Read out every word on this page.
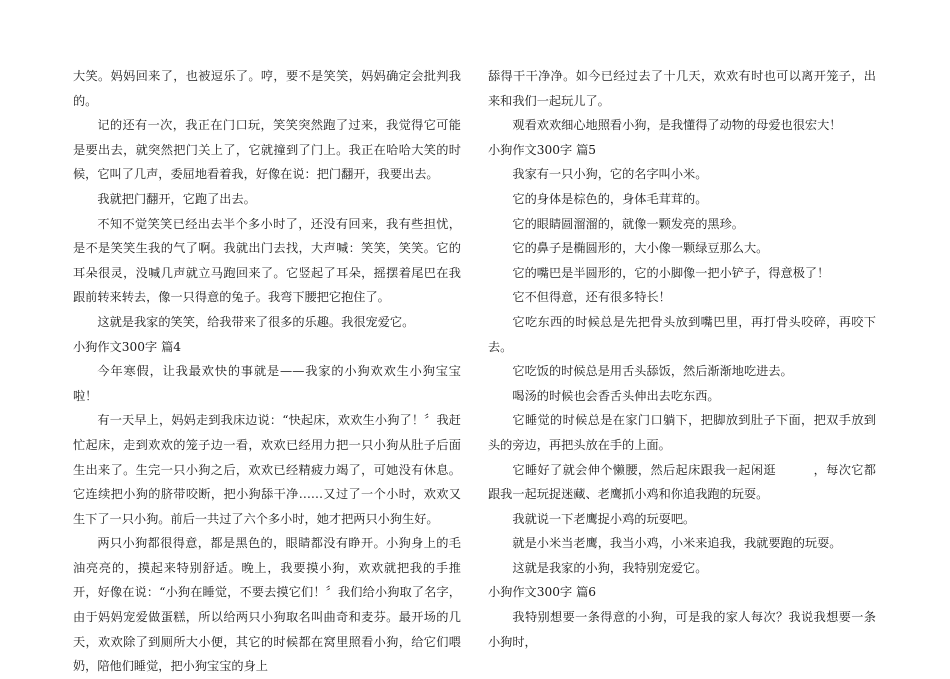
大笑。妈妈回来了，也被逗乐了。哼，要不是笑笑，妈妈确定会批判我的。
记的还有一次，我正在门口玩，笑笑突然跑了过来，我觉得它可能是要出去，就突然把门关上了，它就撞到了门上。我正在哈哈大笑的时候，它叫了几声，委屈地看着我，好像在说：把门翻开，我要出去。
我就把门翻开，它跑了出去。
不知不觉笑笑已经出去半个多小时了，还没有回来，我有些担忧，是不是笑笑生我的气了啊。我就出门去找，大声喊：笑笑，笑笑。它的耳朵很灵，没喊几声就立马跑回来了。它竖起了耳朵，摇摆着尾巴在我跟前转来转去，像一只得意的兔子。我弯下腰把它抱住了。
这就是我家的笑笑，给我带来了很多的乐趣。我很宠爱它。
小狗作文300字 篇4
今年寒假，让我最欢快的事就是——我家的小狗欢欢生小狗宝宝啦！
有一天早上，妈妈走到我床边说：“快起床，欢欢生小狗了！〞我赶忙起床，走到欢欢的笼子边一看，欢欢已经用力把一只小狗从肚子后面生出来了。生完一只小狗之后，欢欢已经精疲力竭了，可她没有休息。它连续把小狗的脐带咬断，把小狗舔干净……又过了一个小时，欢欢又生下了一只小狗。前后一共过了六个多小时，她才把两只小狗生好。
两只小狗都很得意，都是黑色的，眼睛都没有睁开。小狗身上的毛油亮亮的，摸起来特别舒适。晚上，我要摸小狗，欢欢就把我的手推开，好像在说：“小狗在睡觉，不要去摸它们！〞我们给小狗取了名字，由于妈妈宠爱做蛋糕，所以给两只小狗取名叫曲奇和麦芬。最开场的几天，欢欢除了到厕所大小便，其它的时候都在窝里照看小狗，给它们喂奶，陪他们睡觉，把小狗宝宝的身上
舔得干干净净。如今已经过去了十几天，欢欢有时也可以离开笼子，出来和我们一起玩儿了。
观看欢欢细心地照看小狗，是我懂得了动物的母爱也很宏大！
小狗作文300字 篇5
我家有一只小狗，它的名字叫小米。
它的身体是棕色的，身体毛茸茸的。
它的眼睛圆溜溜的，就像一颗发亮的黑珍。
它的鼻子是椭圆形的，大小像一颗绿豆那么大。
它的嘴巴是半圆形的，它的小脚像一把小铲子，得意极了！
它不但得意，还有很多特长！
它吃东西的时候总是先把骨头放到嘴巴里，再打骨头咬碎，再咬下去。
它吃饭的时候总是用舌头舔饭，然后渐渐地吃进去。
喝汤的时候也会香舌头伸出去吃东西。
它睡觉的时候总是在家门口躺下，把脚放到肚子下面，把双手放到头的旁边，再把头放在手的上面。
它睡好了就会伸个懒腰，然后起床跟我一起闲逛　　　，每次它都跟我一起玩捉迷藏、老鹰抓小鸡和你追我跑的玩耍。
我就说一下老鹰捉小鸡的玩耍吧。
就是小米当老鹰，我当小鸡，小米来追我，我就要跑的玩耍。
这就是我家的小狗，我特别宠爱它。
小狗作文300字 篇6
我特别想要一条得意的小狗，可是我的家人每次？我说我想要一条小狗时，
